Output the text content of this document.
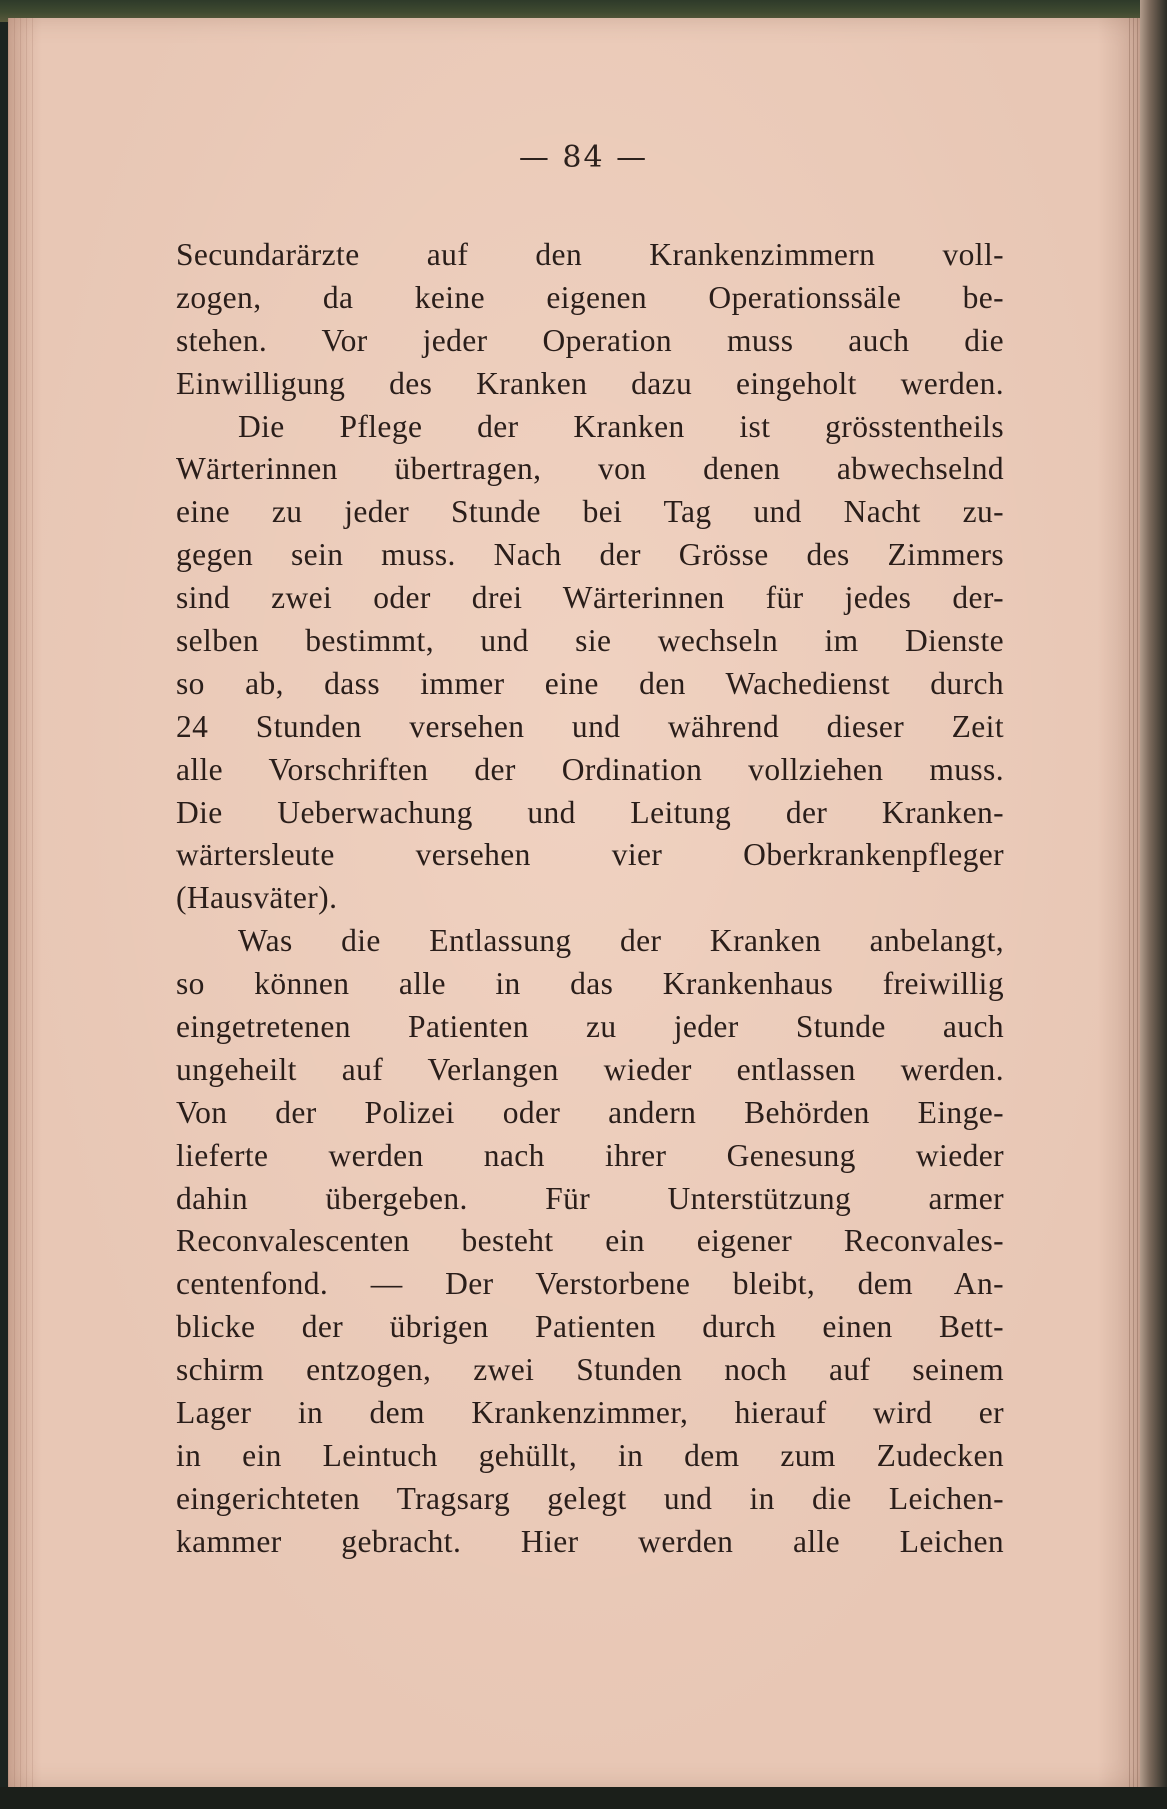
— 84 —
Secundarärzte auf den Krankenzimmern voll-
zogen, da keine eigenen Operationssäle be-
stehen. Vor jeder Operation muss auch die
Einwilligung des Kranken dazu eingeholt werden.
Die Pflege der Kranken ist grösstentheils
Wärterinnen übertragen, von denen abwechselnd
eine zu jeder Stunde bei Tag und Nacht zu-
gegen sein muss. Nach der Grösse des Zimmers
sind zwei oder drei Wärterinnen für jedes der-
selben bestimmt, und sie wechseln im Dienste
so ab, dass immer eine den Wachedienst durch
24 Stunden versehen und während dieser Zeit
alle Vorschriften der Ordination vollziehen muss.
Die Ueberwachung und Leitung der Kranken-
wärtersleute versehen vier Oberkrankenpfleger
(Hausväter).
Was die Entlassung der Kranken anbelangt,
so können alle in das Krankenhaus freiwillig
eingetretenen Patienten zu jeder Stunde auch
ungeheilt auf Verlangen wieder entlassen werden.
Von der Polizei oder andern Behörden Einge-
lieferte werden nach ihrer Genesung wieder
dahin übergeben. Für Unterstützung armer
Reconvalescenten besteht ein eigener Reconvales-
centenfond. — Der Verstorbene bleibt, dem An-
blicke der übrigen Patienten durch einen Bett-
schirm entzogen, zwei Stunden noch auf seinem
Lager in dem Krankenzimmer, hierauf wird er
in ein Leintuch gehüllt, in dem zum Zudecken
eingerichteten Tragsarg gelegt und in die Leichen-
kammer gebracht. Hier werden alle Leichen
